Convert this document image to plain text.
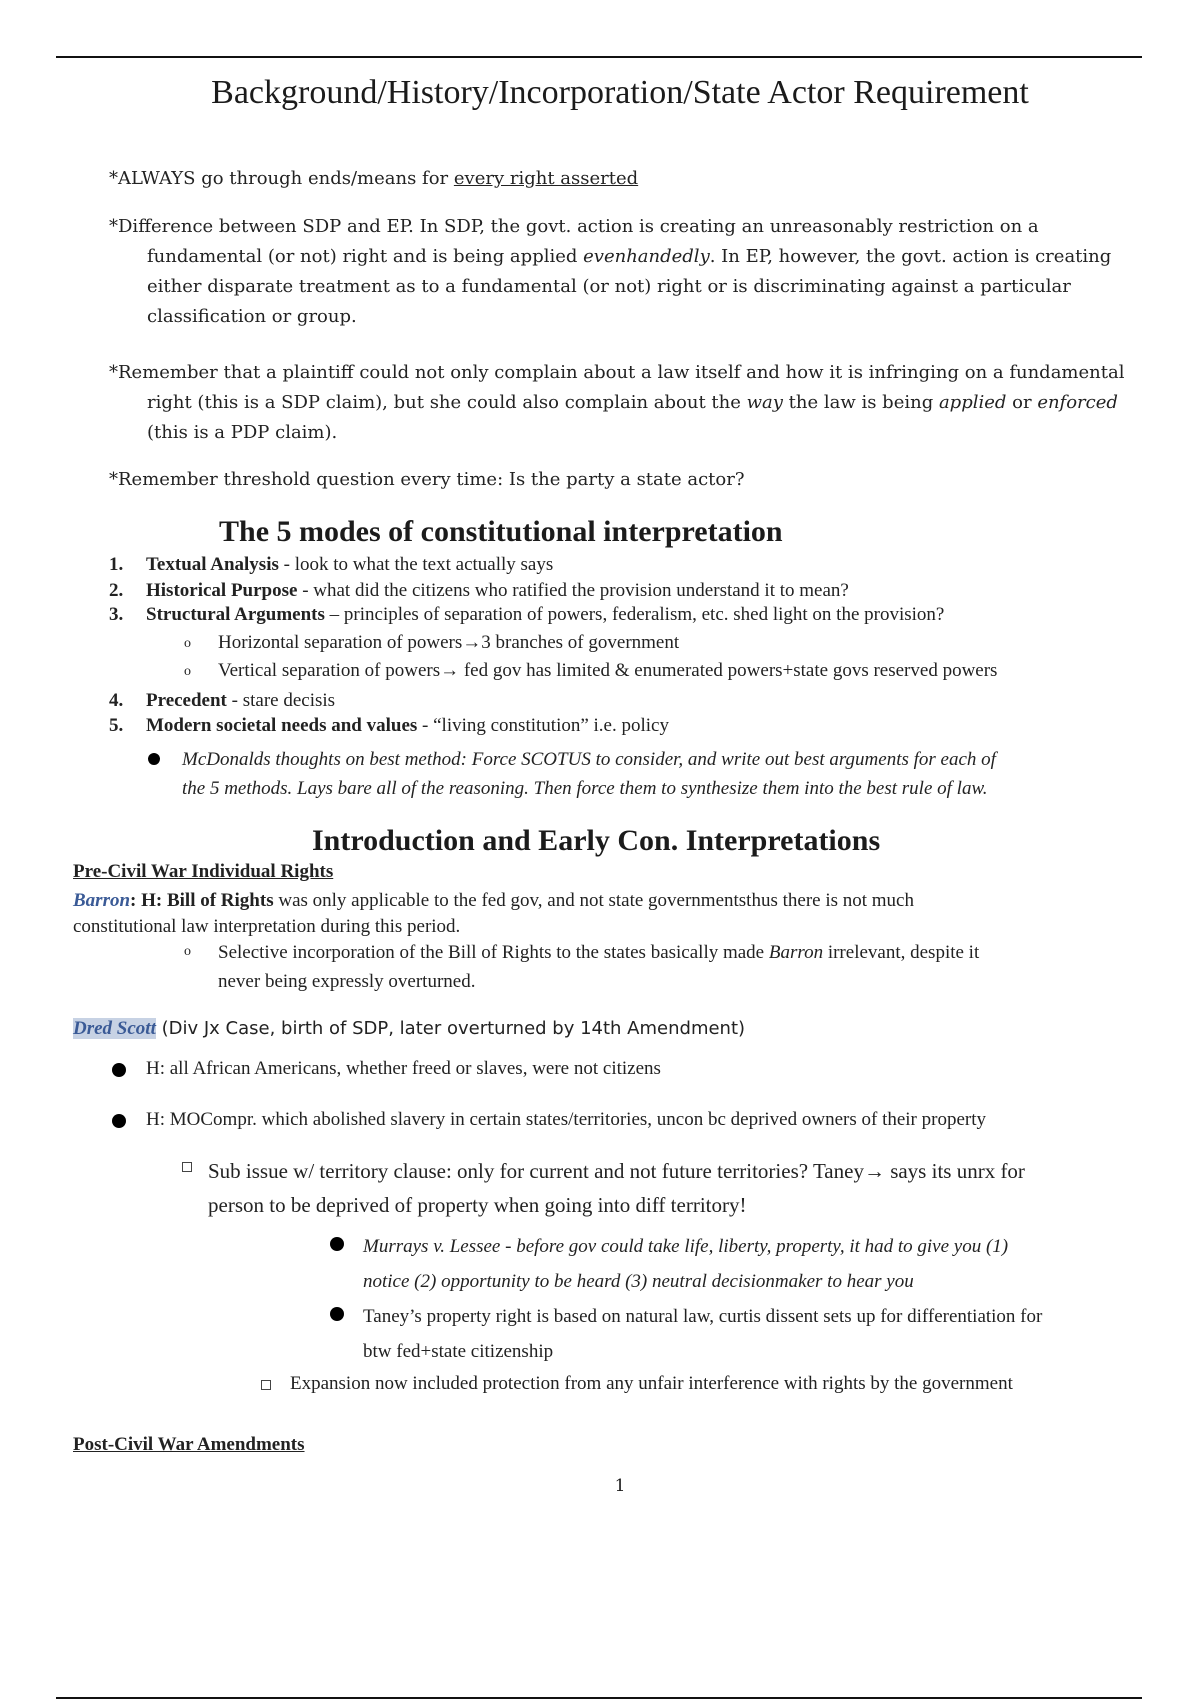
Background/History/Incorporation/State Actor Requirement
*ALWAYS go through ends/means for every right asserted
*Difference between SDP and EP. In SDP, the govt. action is creating an unreasonably restriction on a
fundamental (or not) right and is being applied evenhandedly. In EP, however, the govt. action is creating
either disparate treatment as to a fundamental (or not) right or is discriminating against a particular
classification or group.
*Remember that a plaintiff could not only complain about a law itself and how it is infringing on a fundamental
right (this is a SDP claim), but she could also complain about the way the law is being applied or enforced
(this is a PDP claim).
*Remember threshold question every time: Is the party a state actor?
The 5 modes of constitutional interpretation
1. Textual Analysis - look to what the text actually says
2. Historical Purpose - what did the citizens who ratified the provision understand it to mean?
3. Structural Arguments – principles of separation of powers, federalism, etc. shed light on the provision?
o Horizontal separation of powers→3 branches of government
o Vertical separation of powers→ fed gov has limited & enumerated powers+state govs reserved powers
4. Precedent - stare decisis
5. Modern societal needs and values - “living constitution” i.e. policy
McDonalds thoughts on best method: Force SCOTUS to consider, and write out best arguments for each of
the 5 methods. Lays bare all of the reasoning. Then force them to synthesize them into the best rule of law.
Introduction and Early Con. Interpretations
Pre-Civil War Individual Rights
Barron: H: Bill of Rights was only applicable to the fed gov, and not state governmentsthus there is not much
constitutional law interpretation during this period.
o Selective incorporation of the Bill of Rights to the states basically made Barron irrelevant, despite it
never being expressly overturned.
Dred Scott (Div Jx Case, birth of SDP, later overturned by 14th Amendment)
H: all African Americans, whether freed or slaves, were not citizens
H: MOCompr. which abolished slavery in certain states/territories, uncon bc deprived owners of their property
Sub issue w/ territory clause: only for current and not future territories? Taney→ says its unrx for
person to be deprived of property when going into diff territory!
Murrays v. Lessee - before gov could take life, liberty, property, it had to give you (1)
notice (2) opportunity to be heard (3) neutral decisionmaker to hear you
Taney’s property right is based on natural law, curtis dissent sets up for differentiation for
btw fed+state citizenship
Expansion now included protection from any unfair interference with rights by the government
Post-Civil War Amendments
1
